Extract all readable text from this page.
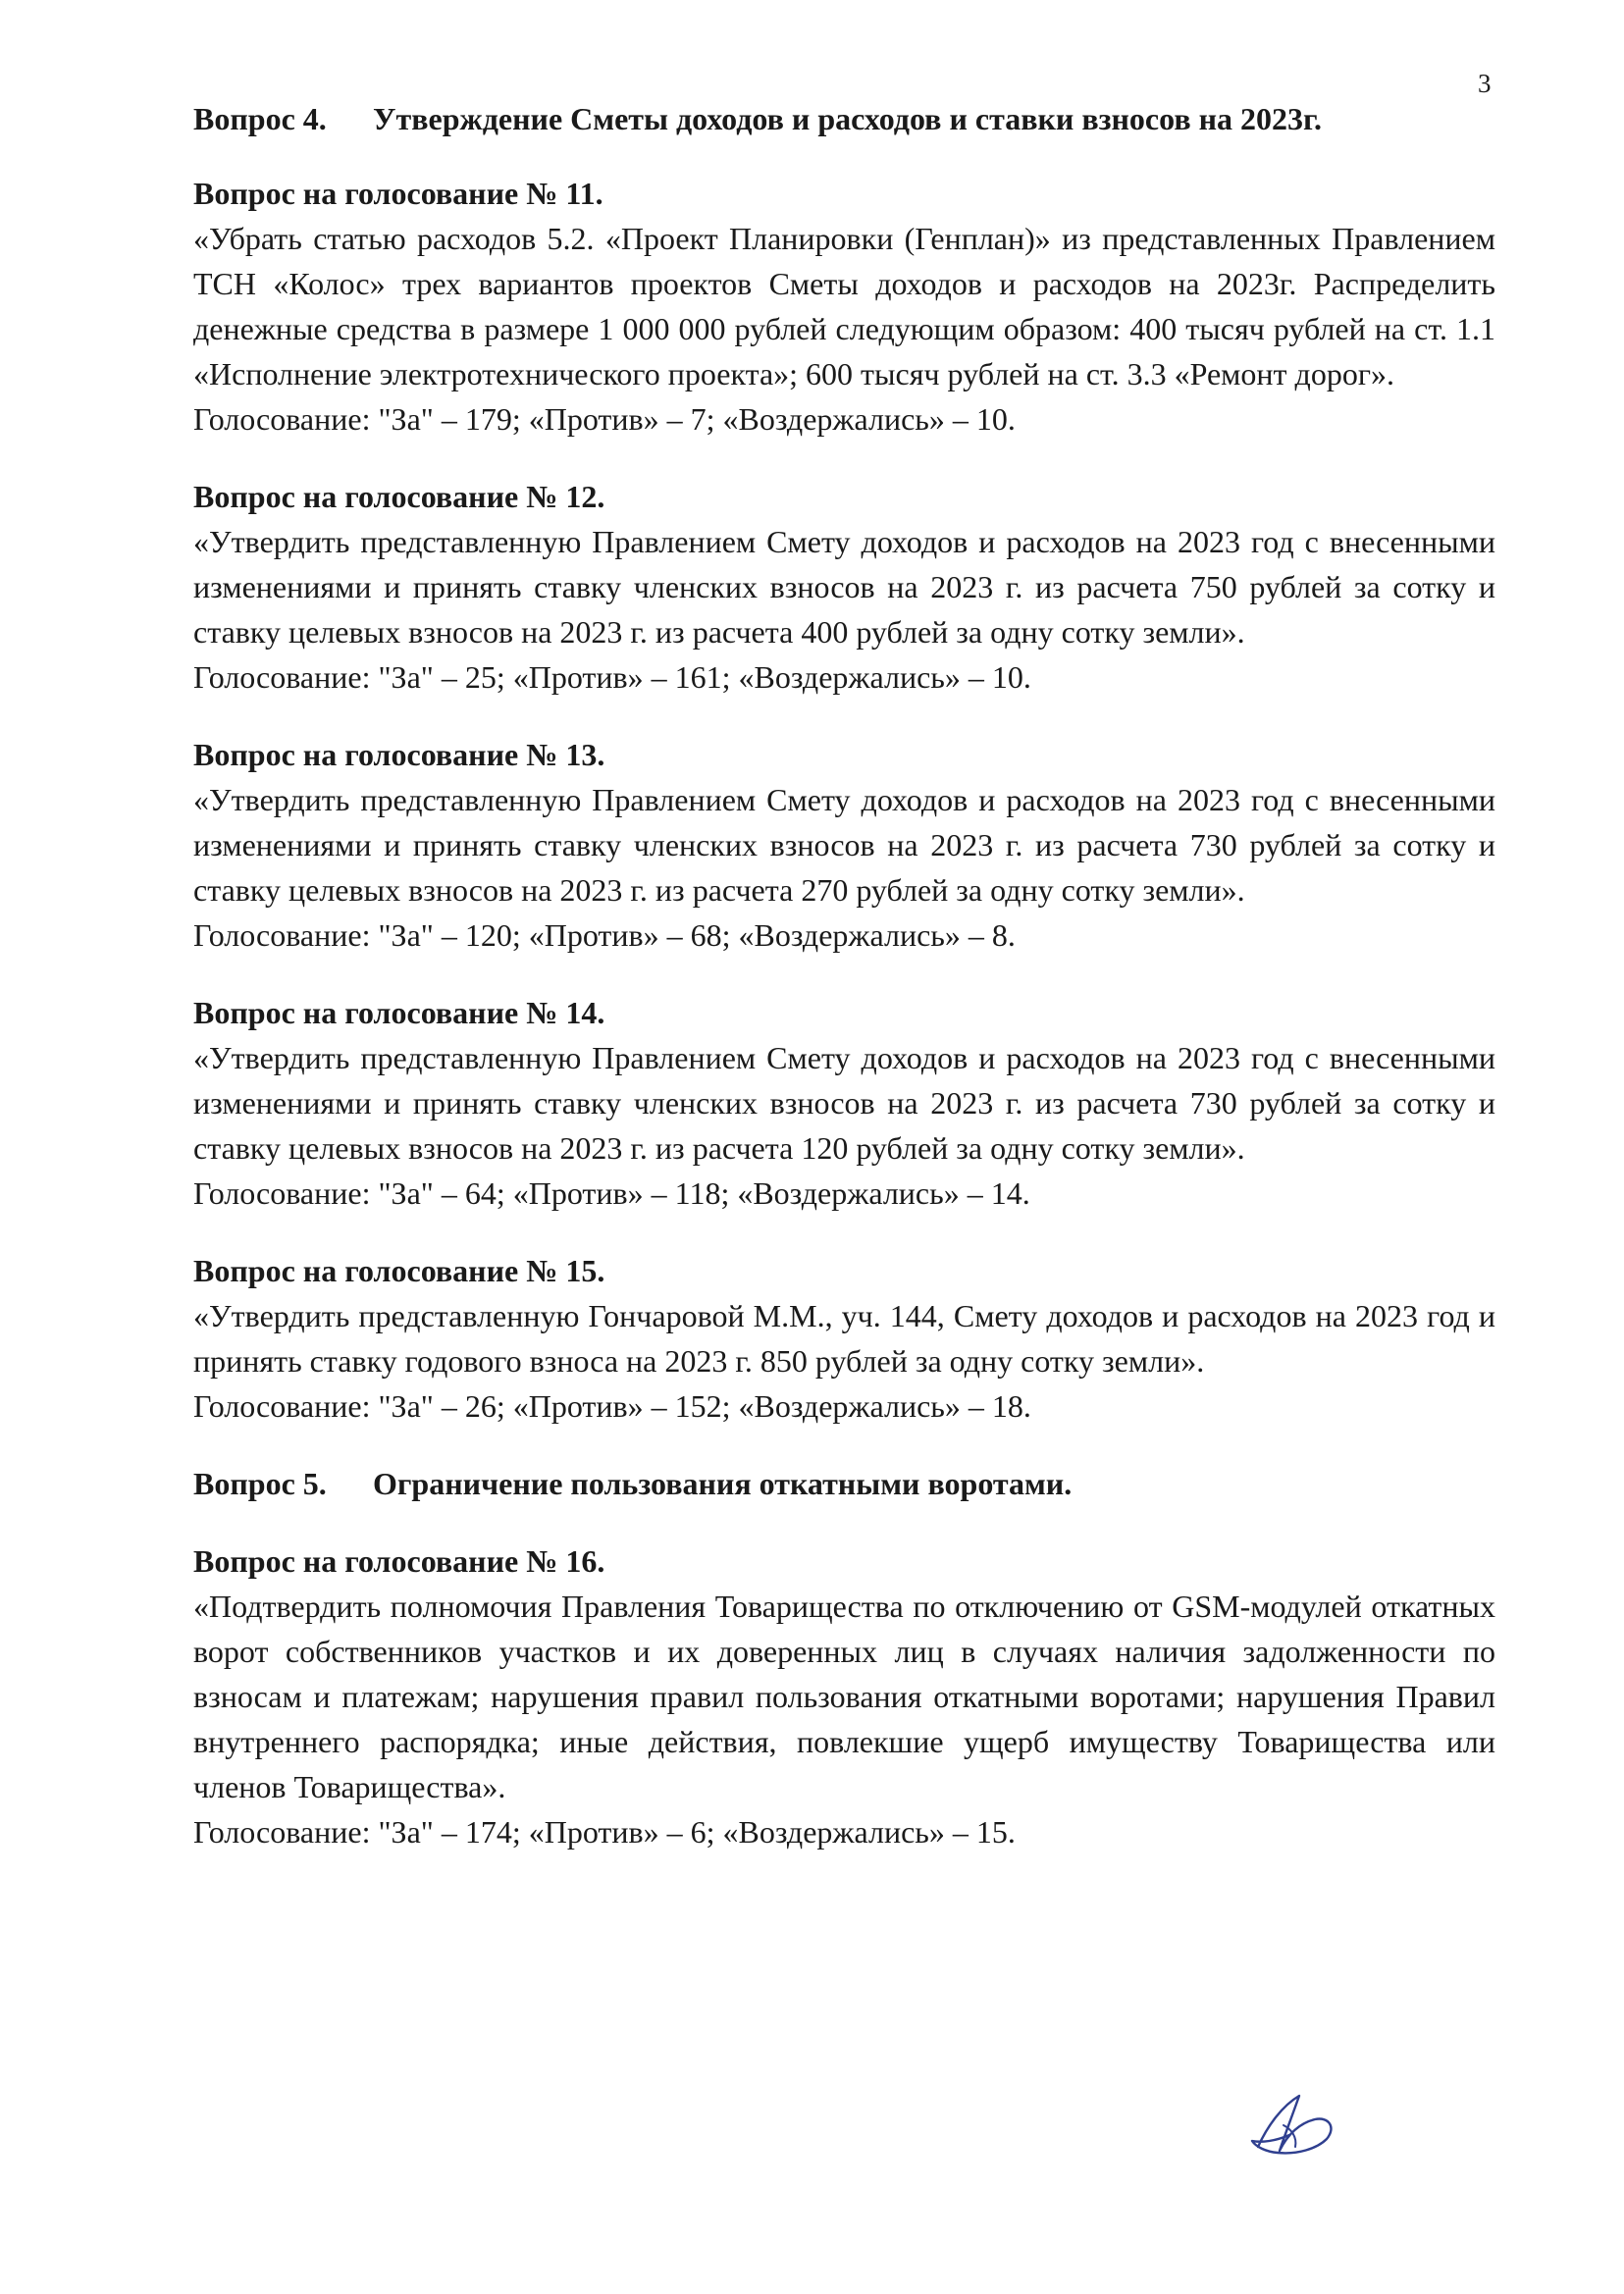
3

Вопрос 4. Утверждение Сметы доходов и расходов и ставки взносов на 2023г.

Вопрос на голосование № 11.

«Убрать статью расходов 5.2. «Проект Планировки (Генплан)» из представленных Правлением ТСН «Колос» трех вариантов проектов Сметы доходов и расходов на 2023г. Распределить денежные средства в размере 1 000 000 рублей следующим образом: 400 тысяч рублей на ст. 1.1 «Исполнение электротехнического проекта»; 600 тысяч рублей на ст. 3.3 «Ремонт дорог».

Голосование: "За" – 179; «Против» – 7; «Воздержались» – 10.

Вопрос на голосование № 12.

«Утвердить представленную Правлением Смету доходов и расходов на 2023 год с внесенными изменениями и принять ставку членских взносов на 2023 г. из расчета 750 рублей за сотку и ставку целевых взносов на 2023 г. из расчета 400 рублей за одну сотку земли».

Голосование: "За" – 25; «Против» – 161; «Воздержались» – 10.

Вопрос на голосование № 13.

«Утвердить представленную Правлением Смету доходов и расходов на 2023 год с внесенными изменениями и принять ставку членских взносов на 2023 г. из расчета 730 рублей за сотку и ставку целевых взносов на 2023 г. из расчета 270 рублей за одну сотку земли».

Голосование: "За" – 120; «Против» – 68; «Воздержались» – 8.

Вопрос на голосование № 14.

«Утвердить представленную Правлением Смету доходов и расходов на 2023 год с внесенными изменениями и принять ставку членских взносов на 2023 г. из расчета 730 рублей за сотку и ставку целевых взносов на 2023 г. из расчета 120 рублей за одну сотку земли».

Голосование: "За" – 64; «Против» – 118; «Воздержались» – 14.

Вопрос на голосование № 15.

«Утвердить представленную Гончаровой М.М., уч. 144, Смету доходов и расходов на 2023 год и принять ставку годового взноса на 2023 г. 850 рублей за одну сотку земли».

Голосование: "За" – 26; «Против» – 152; «Воздержались» – 18.

Вопрос 5. Ограничение пользования откатными воротами.

Вопрос на голосование № 16.

«Подтвердить полномочия Правления Товарищества по отключению от GSM-модулей откатных ворот собственников участков и их доверенных лиц в случаях наличия задолженности по взносам и платежам; нарушения правил пользования откатными воротами; нарушения Правил внутреннего распорядка; иные действия, повлекшие ущерб имуществу Товарищества или членов Товарищества».

Голосование: "За" – 174; «Против» – 6; «Воздержались» – 15.
